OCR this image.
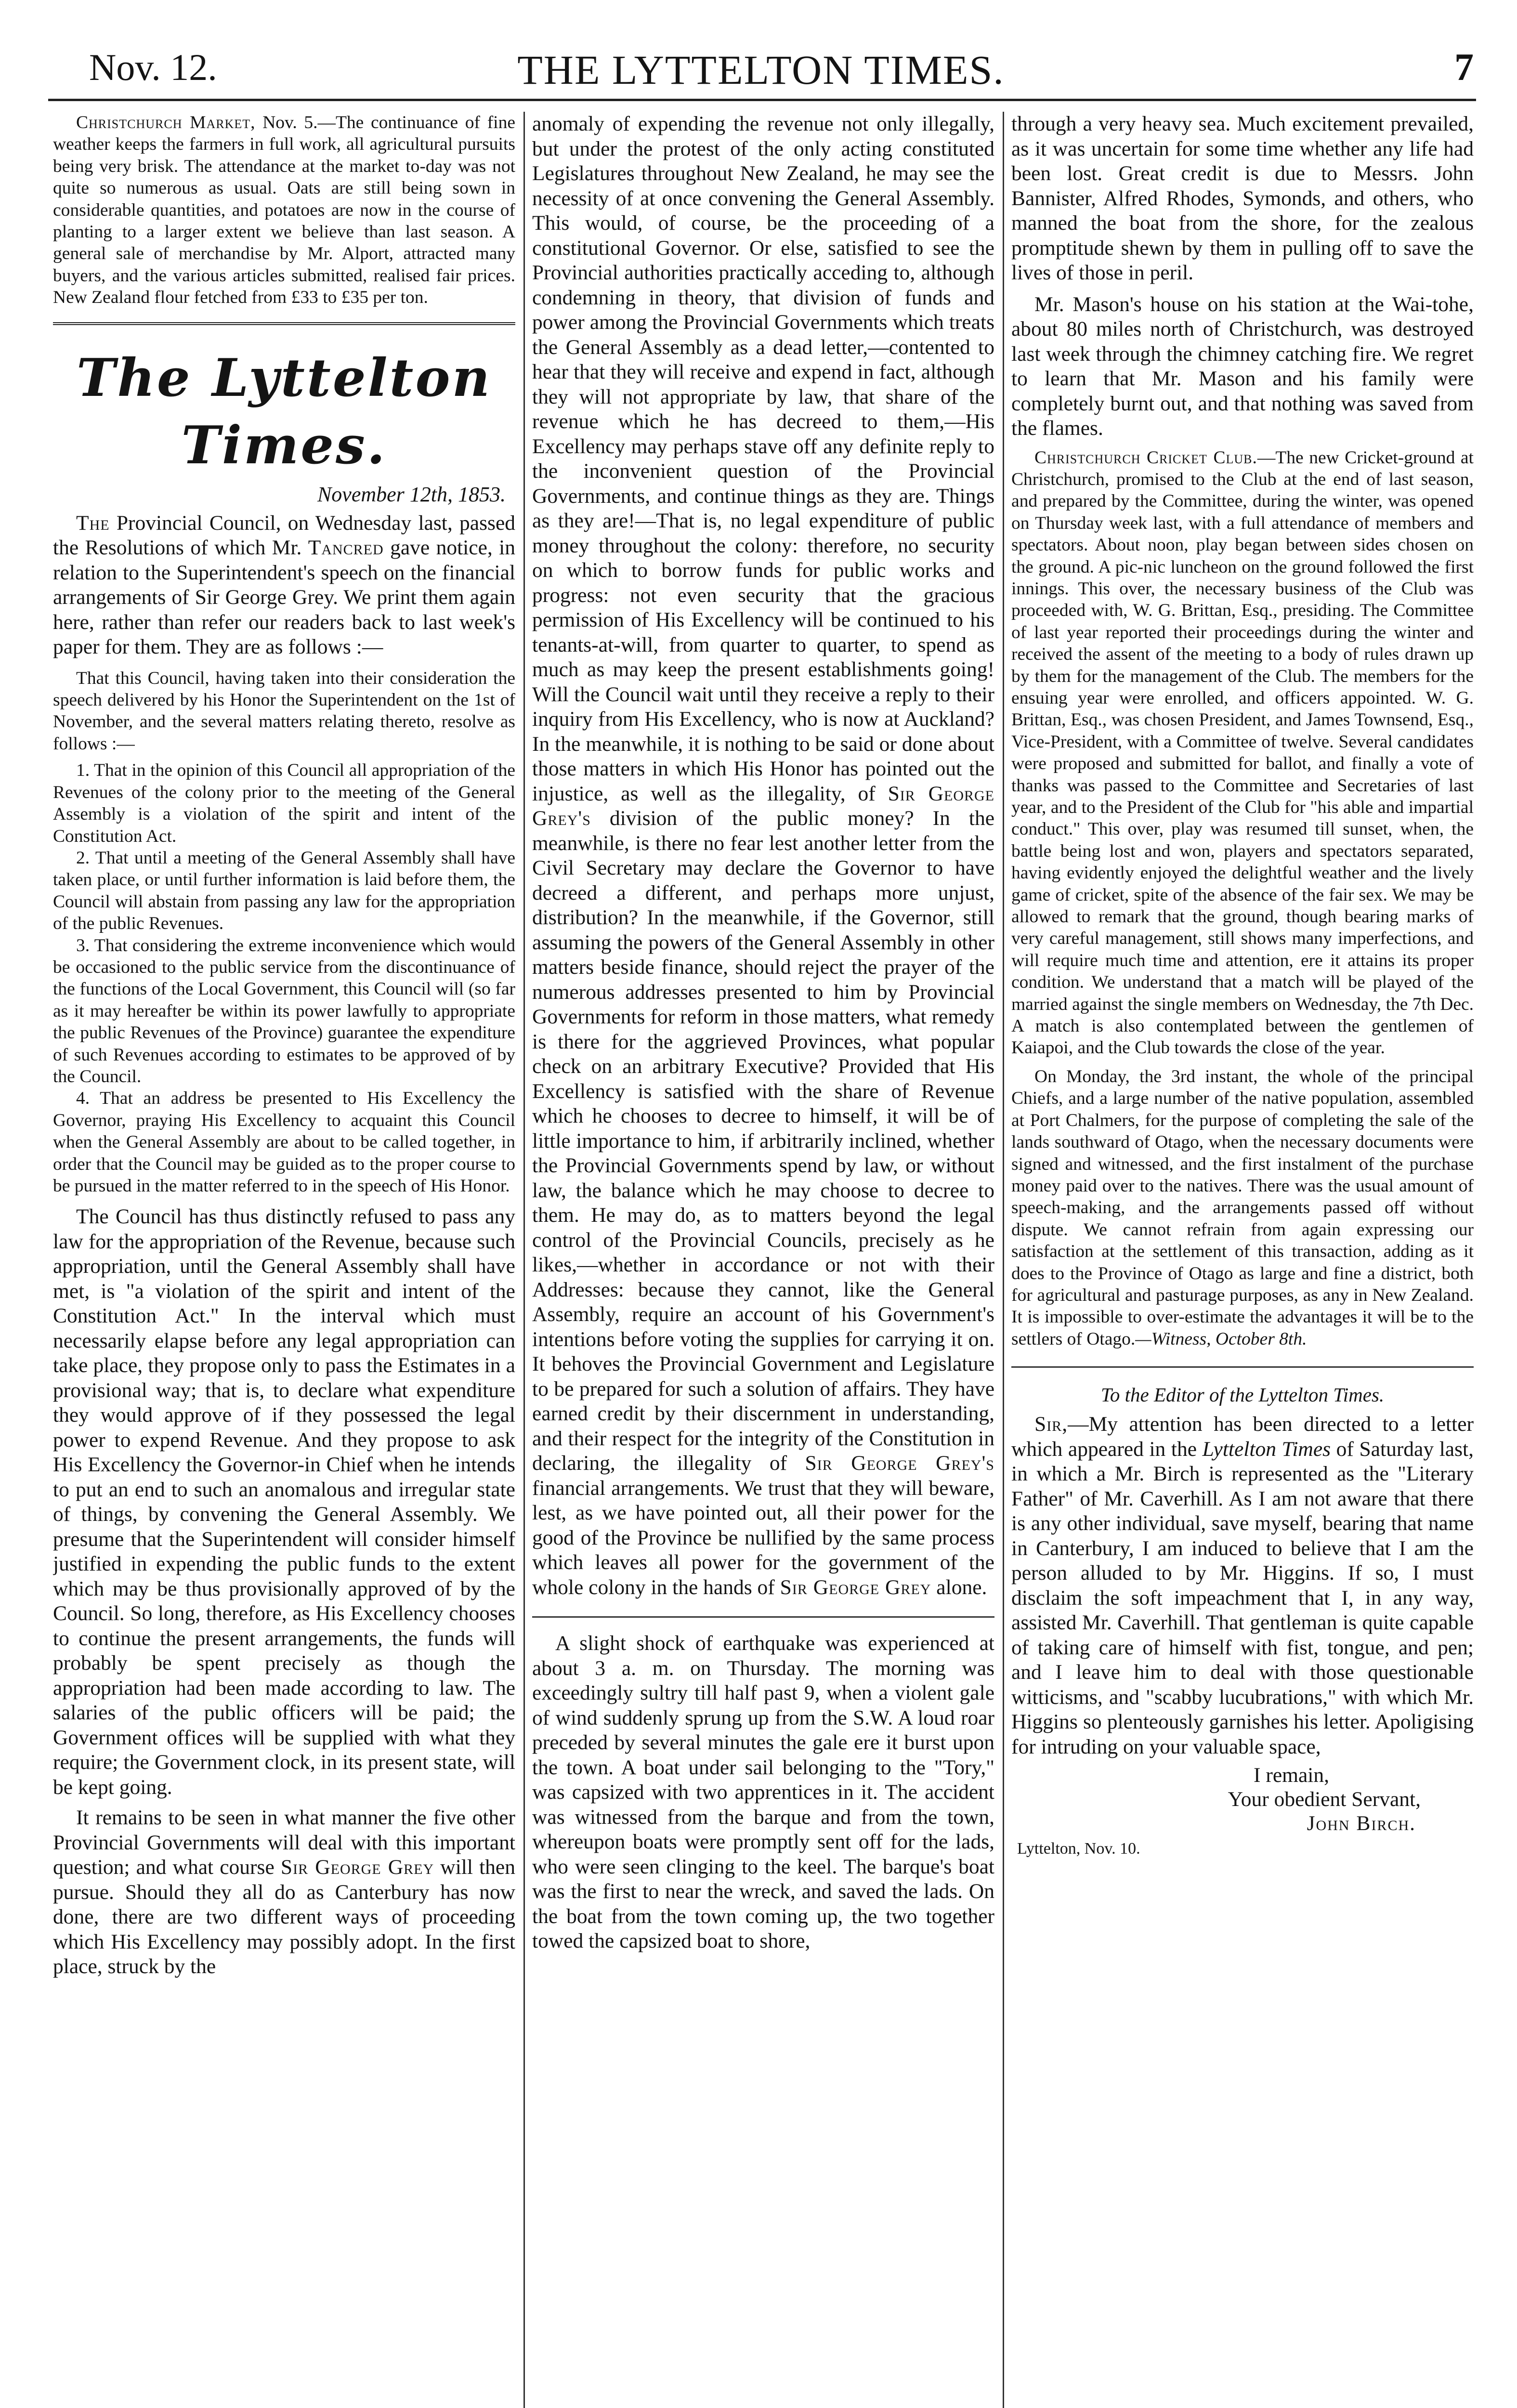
Nov. 12.	THE LYTTELTON TIMES.	7

Christchurch Market, Nov. 5.—The continuance of fine weather keeps the farmers in full work, all agricultural pursuits being very brisk. The attendance at the market to-day was not quite so numerous as usual. Oats are still being sown in considerable quantities, and potatoes are now in the course of planting to a larger extent we believe than last season. A general sale of merchandise by Mr. Alport, attracted many buyers, and the various articles submitted, realised fair prices. New Zealand flour fetched from £33 to £35 per ton.

The Lyttelton Times.
November 12th, 1853.

The Provincial Council, on Wednesday last, passed the Resolutions of which Mr. Tancred gave notice, in relation to the Superintendent's speech on the financial arrangements of Sir George Grey. We print them again here, rather than refer our readers back to last week's paper for them. They are as follows :—

That this Council, having taken into their consideration the speech delivered by his Honor the Superintendent on the 1st of November, and the several matters relating thereto, resolve as follows :—

1. That in the opinion of this Council all appropriation of the Revenues of the colony prior to the meeting of the General Assembly is a violation of the spirit and intent of the Constitution Act.

2. That until a meeting of the General Assembly shall have taken place, or until further information is laid before them, the Council will abstain from passing any law for the appropriation of the public Revenues.

3. That considering the extreme inconvenience which would be occasioned to the public service from the discontinuance of the functions of the Local Government, this Council will (so far as it may hereafter be within its power lawfully to appropriate the public Revenues of the Province) guarantee the expenditure of such Revenues according to estimates to be approved of by the Council.

4. That an address be presented to His Excellency the Governor, praying His Excellency to acquaint this Council when the General Assembly are about to be called together, in order that the Council may be guided as to the proper course to be pursued in the matter referred to in the speech of His Honor.

The Council has thus distinctly refused to pass any law for the appropriation of the Revenue, because such appropriation, until the General Assembly shall have met, is "a violation of the spirit and intent of the Constitution Act." In the interval which must necessarily elapse before any legal appropriation can take place, they propose only to pass the Estimates in a provisional way; that is, to declare what expenditure they would approve of if they possessed the legal power to expend Revenue. And they propose to ask His Excellency the Governor-in Chief when he intends to put an end to such an anomalous and irregular state of things, by convening the General Assembly. We presume that the Superintendent will consider himself justified in expending the public funds to the extent which may be thus provisionally approved of by the Council. So long, therefore, as His Excellency chooses to continue the present arrangements, the funds will probably be spent precisely as though the appropriation had been made according to law. The salaries of the public officers will be paid; the Government offices will be supplied with what they require; the Government clock, in its present state, will be kept going.

It remains to be seen in what manner the five other Provincial Governments will deal with this important question; and what course Sir George Grey will then pursue. Should they all do as Canterbury has now done, there are two different ways of proceeding which His Excellency may possibly adopt. In the first place, struck by the

anomaly of expending the revenue not only illegally, but under the protest of the only acting constituted Legislatures throughout New Zealand, he may see the necessity of at once convening the General Assembly. This would, of course, be the proceeding of a constitutional Governor. Or else, satisfied to see the Provincial authorities practically acceding to, although condemning in theory, that division of funds and power among the Provincial Governments which treats the General Assembly as a dead letter,—contented to hear that they will receive and expend in fact, although they will not appropriate by law, that share of the revenue which he has decreed to them,—His Excellency may perhaps stave off any definite reply to the inconvenient question of the Provincial Governments, and continue things as they are. Things as they are!—That is, no legal expenditure of public money throughout the colony: therefore, no security on which to borrow funds for public works and progress: not even security that the gracious permission of His Excellency will be continued to his tenants-at-will, from quarter to quarter, to spend as much as may keep the present establishments going! Will the Council wait until they receive a reply to their inquiry from His Excellency, who is now at Auckland? In the meanwhile, it is nothing to be said or done about those matters in which His Honor has pointed out the injustice, as well as the illegality, of Sir George Grey's division of the public money? In the meanwhile, is there no fear lest another letter from the Civil Secretary may declare the Governor to have decreed a different, and perhaps more unjust, distribution? In the meanwhile, if the Governor, still assuming the powers of the General Assembly in other matters beside finance, should reject the prayer of the numerous addresses presented to him by Provincial Governments for reform in those matters, what remedy is there for the aggrieved Provinces, what popular check on an arbitrary Executive? Provided that His Excellency is satisfied with the share of Revenue which he chooses to decree to himself, it will be of little importance to him, if arbitrarily inclined, whether the Provincial Governments spend by law, or without law, the balance which he may choose to decree to them. He may do, as to matters beyond the legal control of the Provincial Councils, precisely as he likes,—whether in accordance or not with their Addresses: because they cannot, like the General Assembly, require an account of his Government's intentions before voting the supplies for carrying it on. It behoves the Provincial Government and Legislature to be prepared for such a solution of affairs. They have earned credit by their discernment in understanding, and their respect for the integrity of the Constitution in declaring, the illegality of Sir George Grey's financial arrangements. We trust that they will beware, lest, as we have pointed out, all their power for the good of the Province be nullified by the same process which leaves all power for the government of the whole colony in the hands of Sir George Grey alone.

A slight shock of earthquake was experienced at about 3 a. m. on Thursday. The morning was exceedingly sultry till half past 9, when a violent gale of wind suddenly sprung up from the S.W. A loud roar preceded by several minutes the gale ere it burst upon the town. A boat under sail belonging to the "Tory," was capsized with two apprentices in it. The accident was witnessed from the barque and from the town, whereupon boats were promptly sent off for the lads, who were seen clinging to the keel. The barque's boat was the first to near the wreck, and saved the lads. On the boat from the town coming up, the two together towed the capsized boat to shore,

through a very heavy sea. Much excitement prevailed, as it was uncertain for some time whether any life had been lost. Great credit is due to Messrs. John Bannister, Alfred Rhodes, Symonds, and others, who manned the boat from the shore, for the zealous promptitude shewn by them in pulling off to save the lives of those in peril.

Mr. Mason's house on his station at the Wai-tohe, about 80 miles north of Christchurch, was destroyed last week through the chimney catching fire. We regret to learn that Mr. Mason and his family were completely burnt out, and that nothing was saved from the flames.

Christchurch Cricket Club.—The new Cricket-ground at Christchurch, promised to the Club at the end of last season, and prepared by the Committee, during the winter, was opened on Thursday week last, with a full attendance of members and spectators. About noon, play began between sides chosen on the ground. A pic-nic luncheon on the ground followed the first innings. This over, the necessary business of the Club was proceeded with, W. G. Brittan, Esq., presiding. The Committee of last year reported their proceedings during the winter and received the assent of the meeting to a body of rules drawn up by them for the management of the Club. The members for the ensuing year were enrolled, and officers appointed. W. G. Brittan, Esq., was chosen President, and James Townsend, Esq., Vice-President, with a Committee of twelve. Several candidates were proposed and submitted for ballot, and finally a vote of thanks was passed to the Committee and Secretaries of last year, and to the President of the Club for "his able and impartial conduct." This over, play was resumed till sunset, when, the battle being lost and won, players and spectators separated, having evidently enjoyed the delightful weather and the lively game of cricket, spite of the absence of the fair sex. We may be allowed to remark that the ground, though bearing marks of very careful management, still shows many imperfections, and will require much time and attention, ere it attains its proper condition. We understand that a match will be played of the married against the single members on Wednesday, the 7th Dec. A match is also contemplated between the gentlemen of Kaiapoi, and the Club towards the close of the year.

On Monday, the 3rd instant, the whole of the principal Chiefs, and a large number of the native population, assembled at Port Chalmers, for the purpose of completing the sale of the lands southward of Otago, when the necessary documents were signed and witnessed, and the first instalment of the purchase money paid over to the natives. There was the usual amount of speech-making, and the arrangements passed off without dispute. We cannot refrain from again expressing our satisfaction at the settlement of this transaction, adding as it does to the Province of Otago as large and fine a district, both for agricultural and pasturage purposes, as any in New Zealand. It is impossible to over-estimate the advantages it will be to the settlers of Otago.—Witness, October 8th.

To the Editor of the Lyttelton Times.

Sir,—My attention has been directed to a letter which appeared in the Lyttelton Times of Saturday last, in which a Mr. Birch is represented as the "Literary Father" of Mr. Caverhill. As I am not aware that there is any other individual, save myself, bearing that name in Canterbury, I am induced to believe that I am the person alluded to by Mr. Higgins. If so, I must disclaim the soft impeachment that I, in any way, assisted Mr. Caverhill. That gentleman is quite capable of taking care of himself with fist, tongue, and pen; and I leave him to deal with those questionable witticisms, and "scabby lucubrations," with which Mr. Higgins so plenteously garnishes his letter. Apoligising for intruding on your valuable space,

I remain,

Your obedient Servant,

John Birch.

Lyttelton, Nov. 10.
